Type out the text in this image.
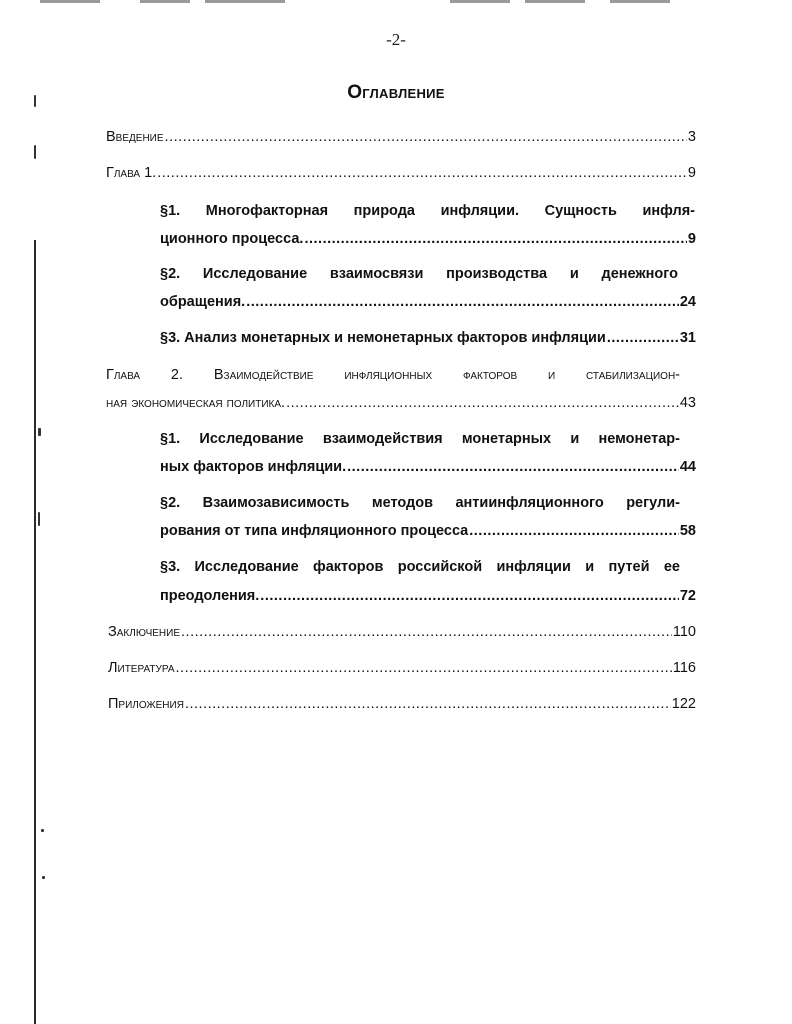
-2-
Оглавление
Введение .....	3
Глава 1. .....	9
§1. Многофакторная природа инфляции. Сущность инфля-
ционного процесса. .....	9
§2. Исследование взаимосвязи производства и денежного
обращения. .....	24
§3. Анализ монетарных и немонетарных факторов инфляции .....	31
Глава 2. Взаимодействие инфляционных факторов и стабилизацион-
ная экономическая политика. .....	43
§1. Исследование взаимодействия монетарных и немонетар-
ных факторов инфляции. .....	44
§2. Взаимозависимость методов антиинфляционного регули-
рования от типа инфляционного процесса .....	58
§3. Исследование факторов российской инфляции и путей ее
преодоления. .....	72
Заключение .....	110
Литература .....	116
Приложения .....	122
